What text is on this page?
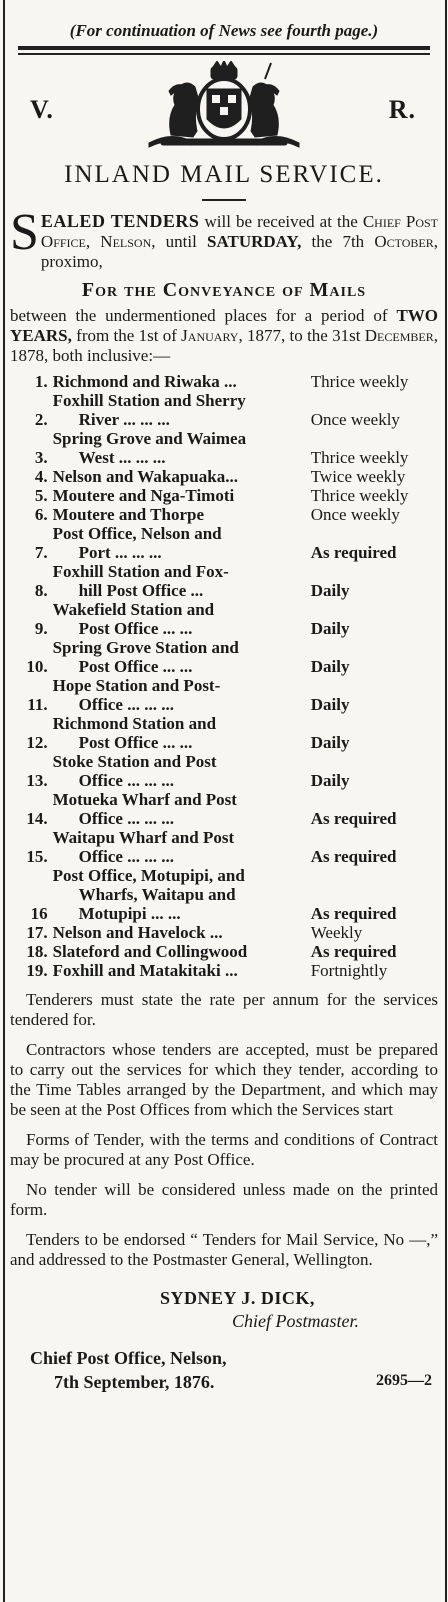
(For continuation of News see fourth page.)
V.	R.
INLAND MAIL SERVICE.
SEALED TENDERS will be received at the Chief Post Office, Nelson, until SATURDAY, the 7th October, proximo,
For the Conveyance of Mails
between the undermentioned places for a period of TWO YEARS, from the 1st of January, 1877, to the 31st December, 1878, both inclusive:—
1.	Richmond and Riwaka ...	Thrice weekly
2.	Foxhill Station and Sherry
River ... ... ...	Once weekly
3.	Spring Grove and Waimea
West ... ... ...	Thrice weekly
4.	Nelson and Wakapuaka...	Twice weekly
5.	Moutere and Nga-Timoti	Thrice weekly
6.	Moutere and Thorpe	Once weekly
7.	Post Office, Nelson and
Port ... ... ...	As required
8.	Foxhill Station and Fox-
hill Post Office ...	Daily
9.	Wakefield Station and
Post Office ... ...	Daily
10.	Spring Grove Station and
Post Office ... ...	Daily
11.	Hope Station and Post-
Office ... ... ...	Daily
12.	Richmond Station and
Post Office ... ...	Daily
13.	Stoke Station and Post
Office ... ... ...	Daily
14.	Motueka Wharf and Post
Office ... ... ...	As required
15.	Waitapu Wharf and Post
Office ... ... ...	As required
16	Post Office, Motupipi, and
Wharfs, Waitapu and
Motupipi ... ...	As required
17.	Nelson and Havelock ...	Weekly
18.	Slateford and Collingwood	As required
19.	Foxhill and Matakitaki ...	Fortnightly
Tenderers must state the rate per annum for the services tendered for.
Contractors whose tenders are accepted, must be prepared to carry out the services for which they tender, according to the Time Tables arranged by the Department, and which may be seen at the Post Offices from which the Services start
Forms of Tender, with the terms and conditions of Contract may be procured at any Post Office.
No tender will be considered unless made on the printed form.
Tenders to be endorsed “ Tenders for Mail Service, No —,” and addressed to the Postmaster General, Wellington.
SYDNEY J. DICK,
Chief Postmaster.
Chief Post Office, Nelson,
7th September, 1876.	2695—2
